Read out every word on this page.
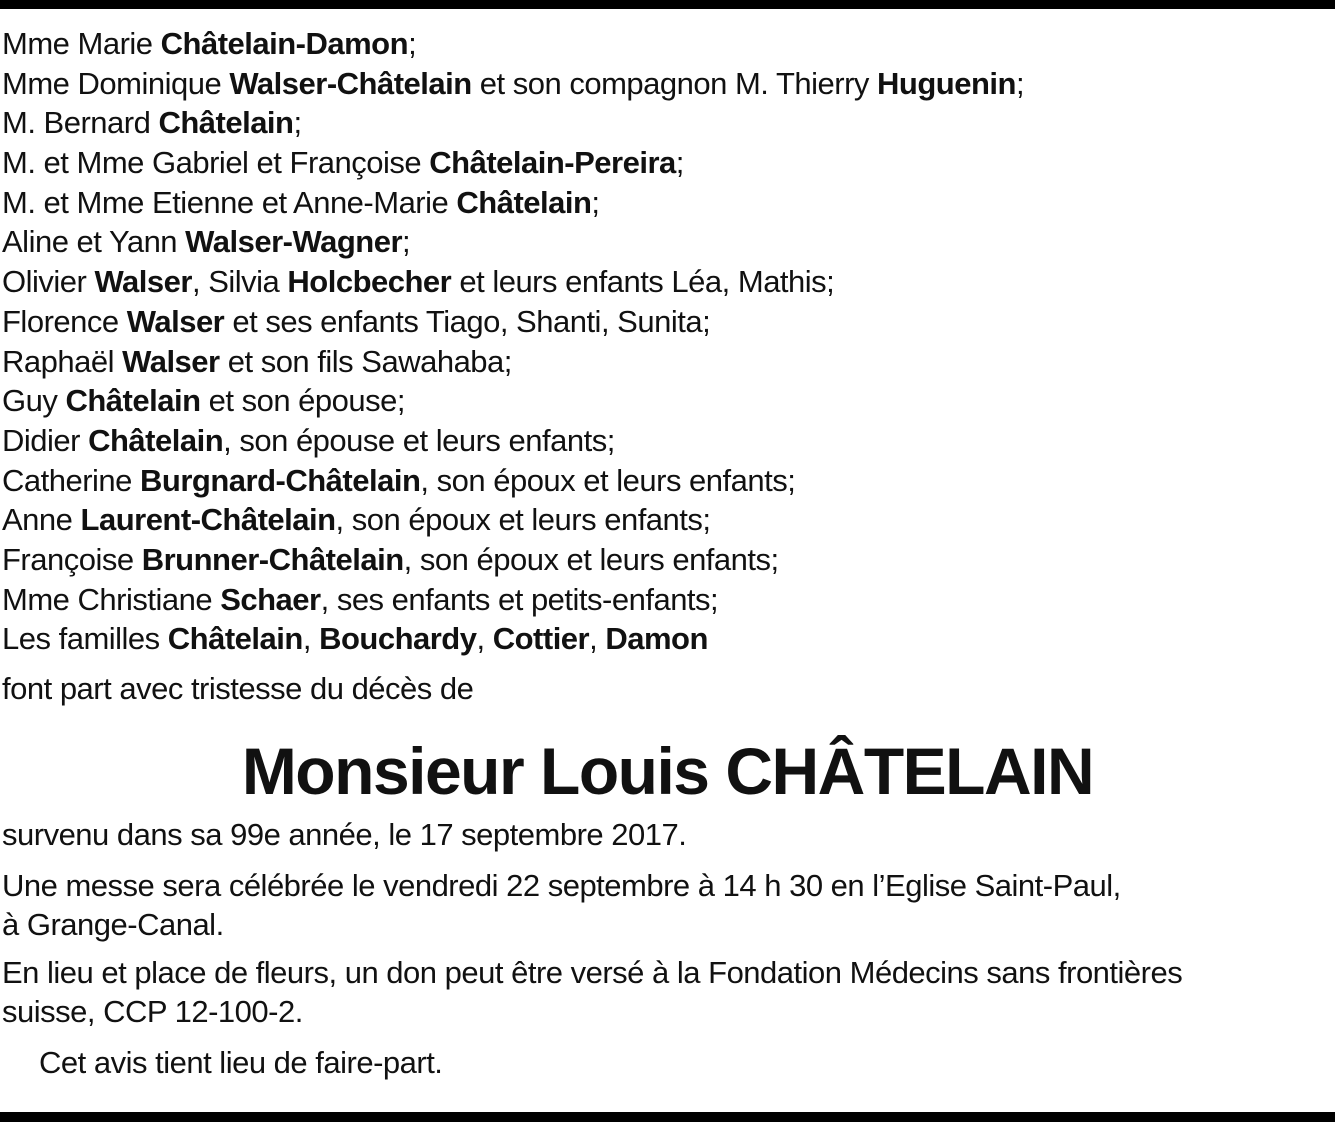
Mme Marie Châtelain-Damon;
Mme Dominique Walser-Châtelain et son compagnon M. Thierry Huguenin;
M. Bernard Châtelain;
M. et Mme Gabriel et Françoise Châtelain-Pereira;
M. et Mme Etienne et Anne-Marie Châtelain;
Aline et Yann Walser-Wagner;
Olivier Walser, Silvia Holcbecher et leurs enfants Léa, Mathis;
Florence Walser et ses enfants Tiago, Shanti, Sunita;
Raphaël Walser et son fils Sawahaba;
Guy Châtelain et son épouse;
Didier Châtelain, son épouse et leurs enfants;
Catherine Burgnard-Châtelain, son époux et leurs enfants;
Anne Laurent-Châtelain, son époux et leurs enfants;
Françoise Brunner-Châtelain, son époux et leurs enfants;
Mme Christiane Schaer, ses enfants et petits-enfants;
Les familles Châtelain, Bouchardy, Cottier, Damon
font part avec tristesse du décès de
Monsieur Louis CHÂTELAIN
survenu dans sa 99e année, le 17 septembre 2017.
Une messe sera célébrée le vendredi 22 septembre à 14 h 30 en l’Eglise Saint-Paul,
à Grange-Canal.
En lieu et place de fleurs, un don peut être versé à la Fondation Médecins sans frontières
suisse, CCP 12-100-2.
Cet avis tient lieu de faire-part.
